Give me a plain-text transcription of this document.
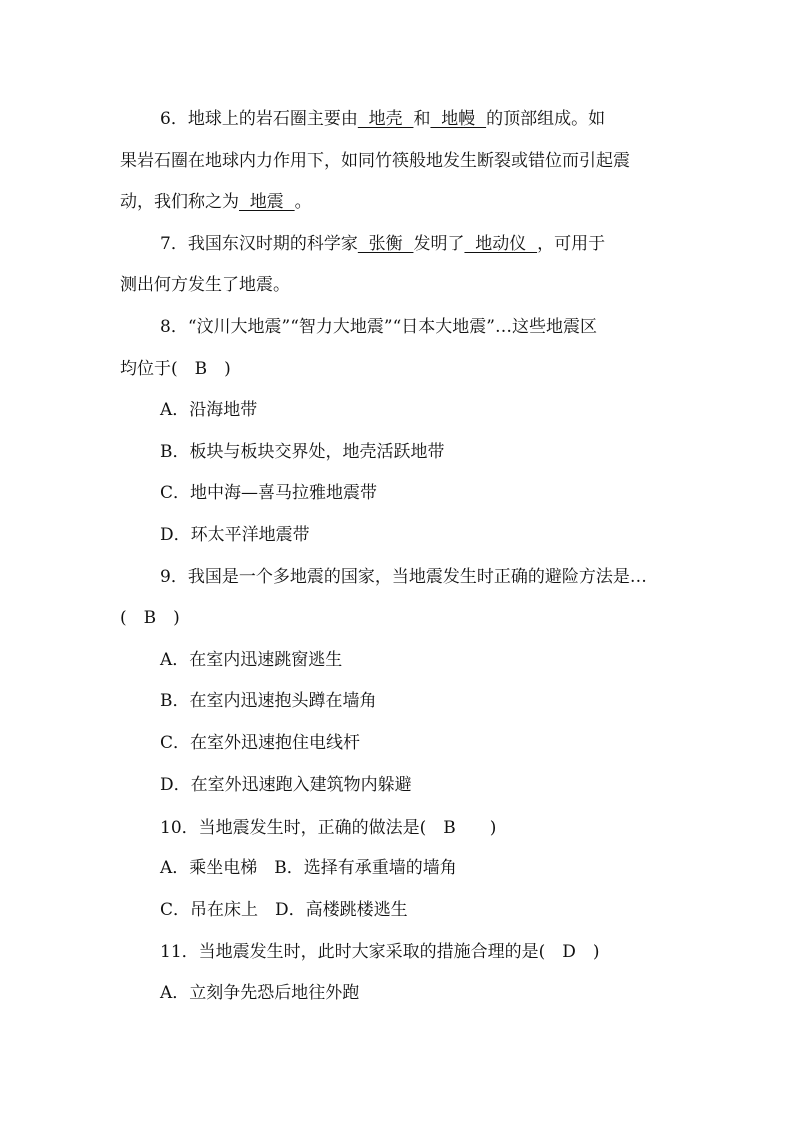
6．地球上的岩石圈主要由  地壳  和  地幔  的顶部组成。如
果岩石圈在地球内力作用下，如同竹筷般地发生断裂或错位而引起震
动，我们称之为  地震  。
7．我国东汉时期的科学家  张衡  发明了  地动仪  ，可用于
测出何方发生了地震。
8．“汶川大地震”“智力大地震”“日本大地震”…这些地震区
均位于(　B　)
A．沿海地带
B．板块与板块交界处，地壳活跃地带
C．地中海—喜马拉雅地震带
D．环太平洋地震带
9．我国是一个多地震的国家，当地震发生时正确的避险方法是…
(　B　)
A．在室内迅速跳窗逃生
B．在室内迅速抱头蹲在墙角
C．在室外迅速抱住电线杆
D．在室外迅速跑入建筑物内躲避
10．当地震发生时，正确的做法是(　B　　)
A．乘坐电梯　B．选择有承重墙的墙角
C．吊在床上　D．高楼跳楼逃生
11．当地震发生时，此时大家采取的措施合理的是(　D　)
A．立刻争先恐后地往外跑
